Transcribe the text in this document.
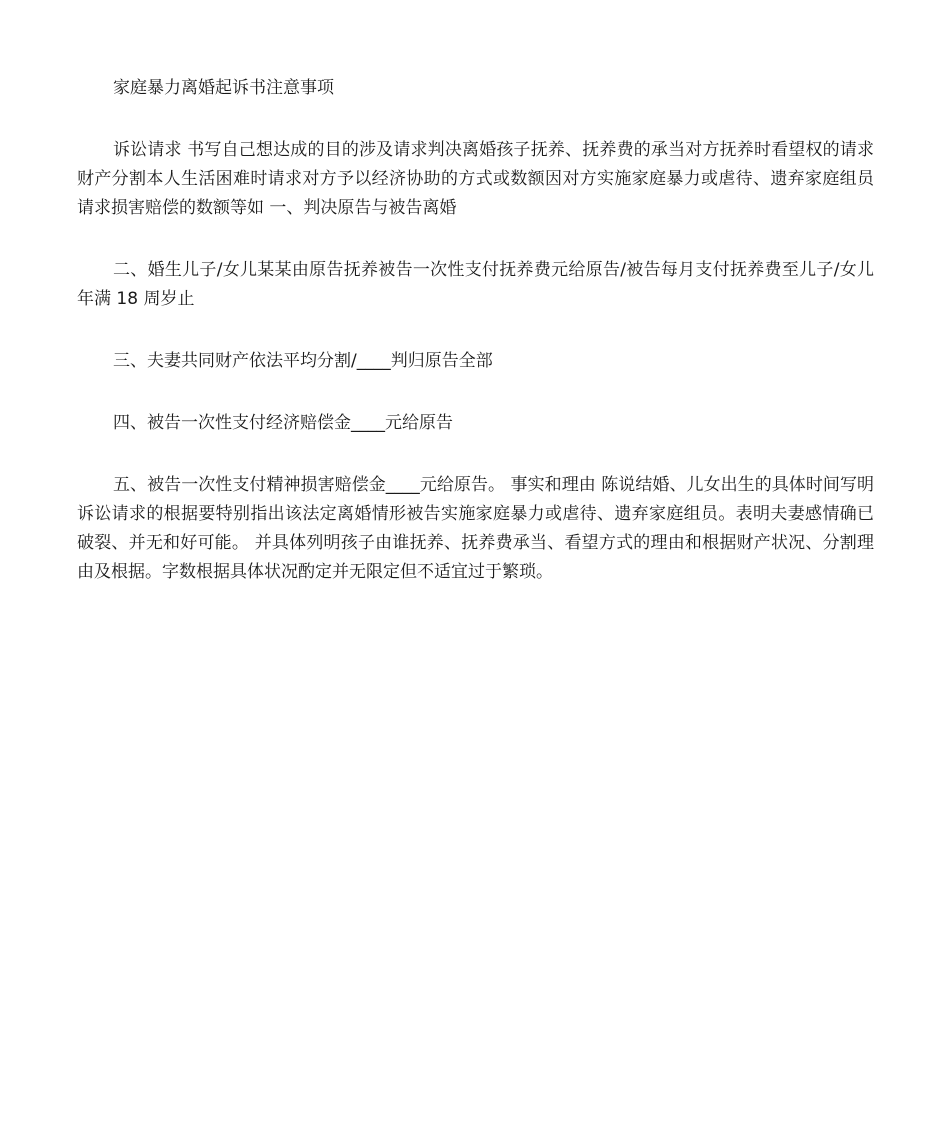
家庭暴力离婚起诉书注意事项

诉讼请求 书写自己想达成的目的涉及请求判决离婚孩子抚养、抚养费的承当对方抚养时看望权的请求财产分割本人生活困难时请求对方予以经济协助的方式或数额因对方实施家庭暴力或虐待、遗弃家庭组员请求损害赔偿的数额等如 一、判决原告与被告离婚

二、婚生儿子/女儿某某由原告抚养被告一次性支付抚养费元给原告/被告每月支付抚养费至儿子/女儿年满 18 周岁止

三、夫妻共同财产依法平均分割/____判归原告全部

四、被告一次性支付经济赔偿金____元给原告

五、被告一次性支付精神损害赔偿金____元给原告。 事实和理由 陈说结婚、儿女出生的具体时间写明诉讼请求的根据要特别指出该法定离婚情形被告实施家庭暴力或虐待、遗弃家庭组员。表明夫妻感情确已破裂、并无和好可能。 并具体列明孩子由谁抚养、抚养费承当、看望方式的理由和根据财产状况、分割理由及根据。字数根据具体状况酌定并无限定但不适宜过于繁琐。
